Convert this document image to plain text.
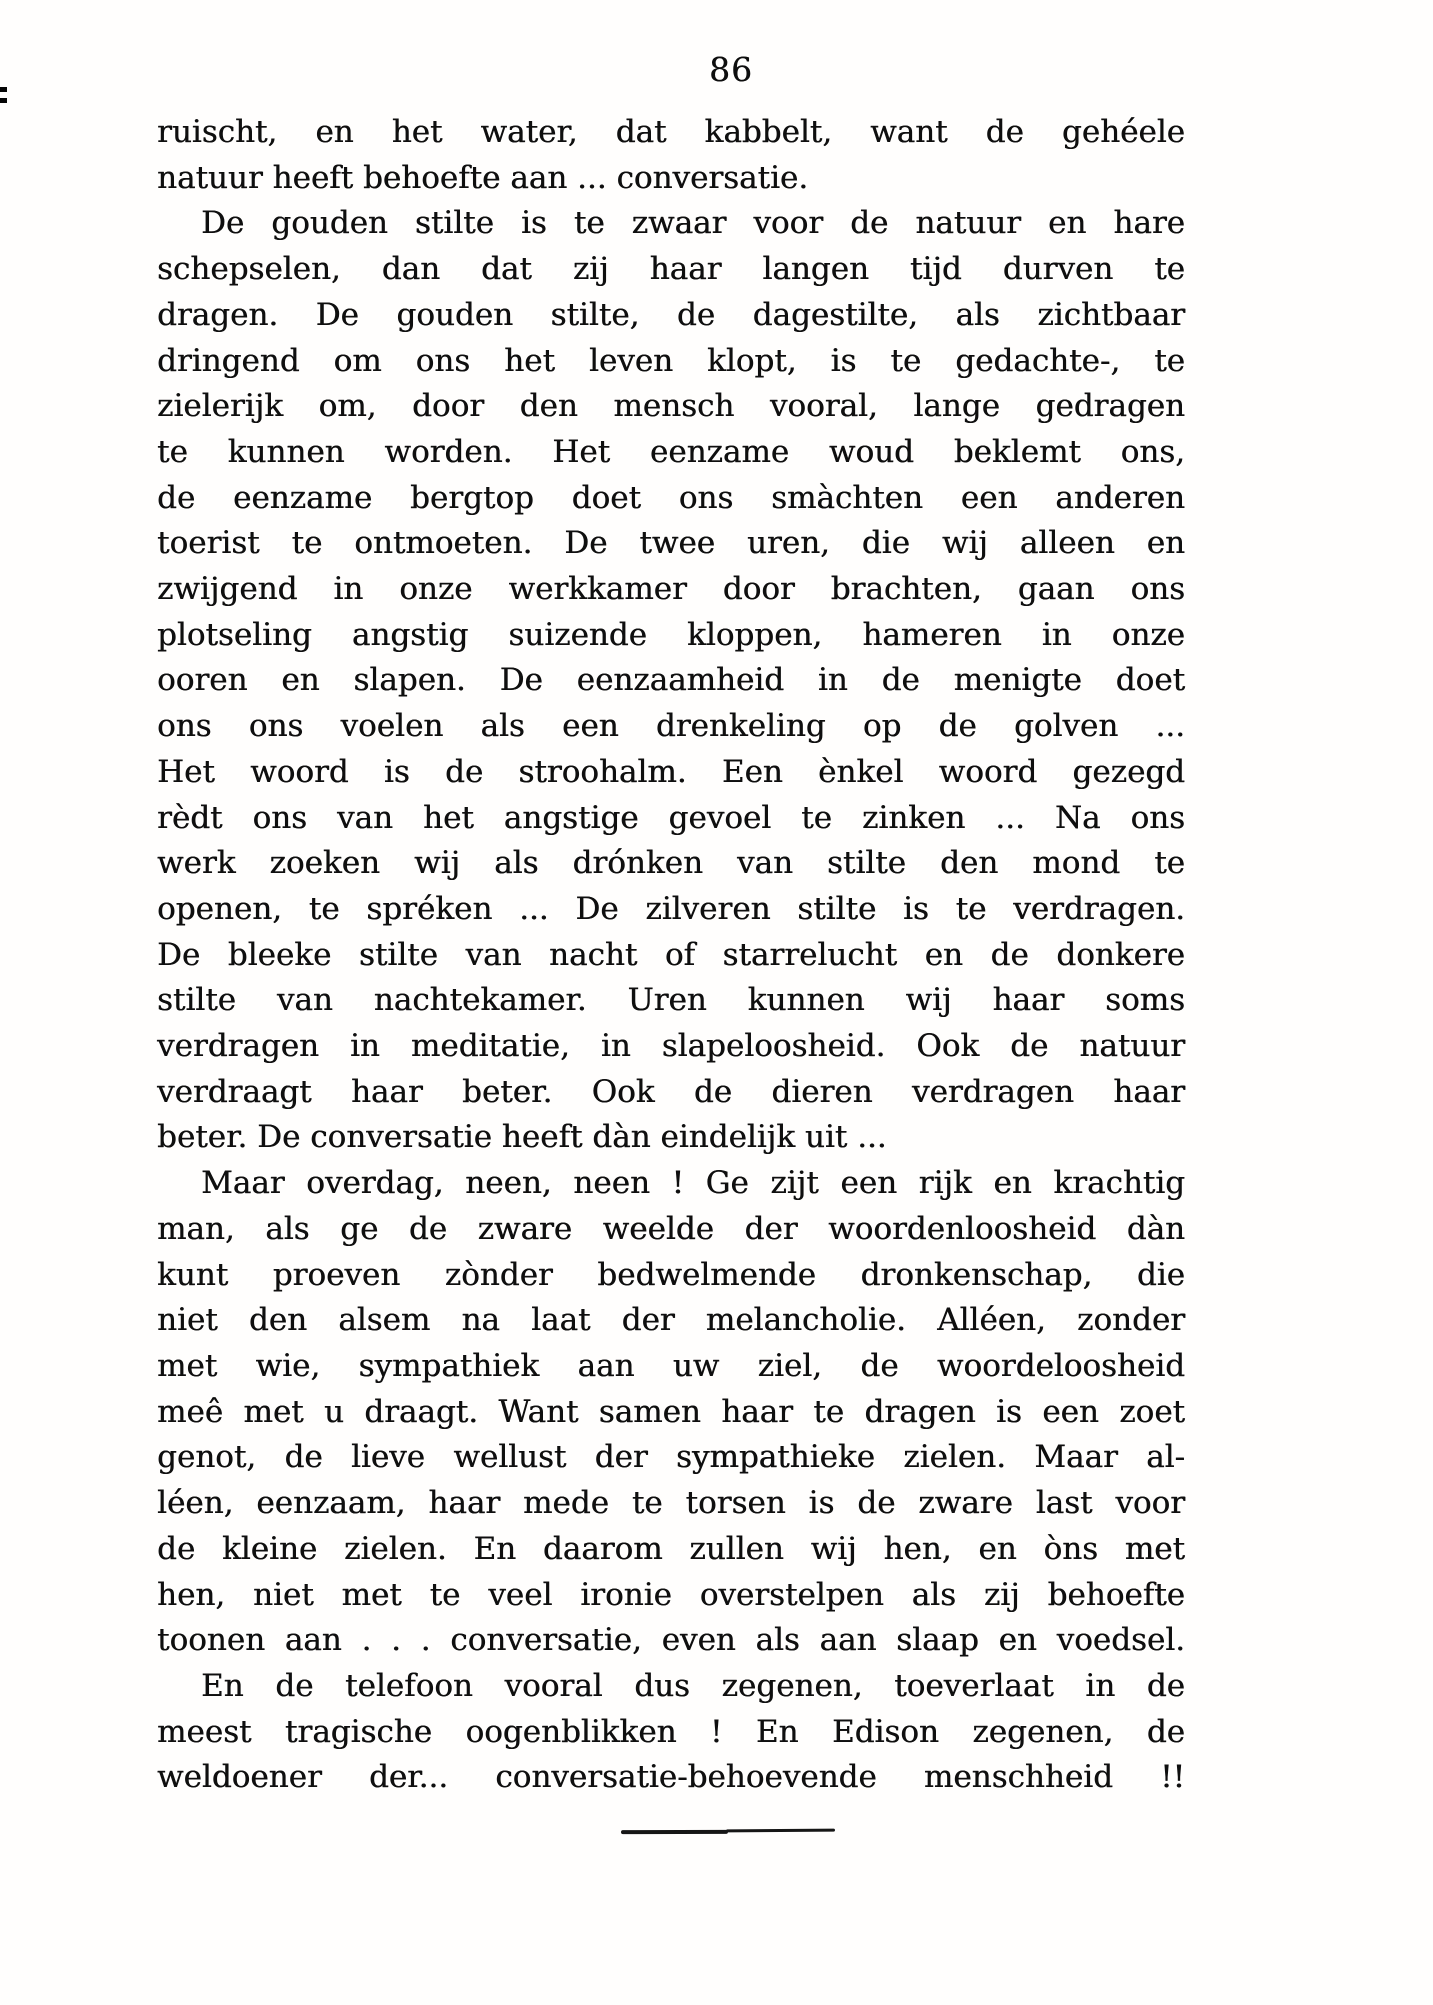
86
ruischt, en het water, dat kabbelt, want de gehéele
natuur heeft behoefte aan ... conversatie.
De gouden stilte is te zwaar voor de natuur en hare
schepselen, dan dat zij haar langen tijd durven te
dragen. De gouden stilte, de dagestilte, als zichtbaar
dringend om ons het leven klopt, is te gedachte-, te
zielerijk om, door den mensch vooral, lange gedragen
te kunnen worden. Het eenzame woud beklemt ons,
de eenzame bergtop doet ons smàchten een anderen
toerist te ontmoeten. De twee uren, die wij alleen en
zwijgend in onze werkkamer door brachten, gaan ons
plotseling angstig suizende kloppen, hameren in onze
ooren en slapen. De eenzaamheid in de menigte doet
ons ons voelen als een drenkeling op de golven ...
Het woord is de stroohalm. Een ènkel woord gezegd
rèdt ons van het angstige gevoel te zinken ... Na ons
werk zoeken wij als drónken van stilte den mond te
openen, te spréken ... De zilveren stilte is te verdragen.
De bleeke stilte van nacht of starrelucht en de donkere
stilte van nachtekamer. Uren kunnen wij haar soms
verdragen in meditatie, in slapeloosheid. Ook de natuur
verdraagt haar beter. Ook de dieren verdragen haar
beter. De conversatie heeft dàn eindelijk uit ...
Maar overdag, neen, neen ! Ge zijt een rijk en krachtig
man, als ge de zware weelde der woordenloosheid dàn
kunt proeven zònder bedwelmende dronkenschap, die
niet den alsem na laat der melancholie. Alléen, zonder
met wie, sympathiek aan uw ziel, de woordeloosheid
meê met u draagt. Want samen haar te dragen is een zoet
genot, de lieve wellust der sympathieke zielen. Maar al-
léen, eenzaam, haar mede te torsen is de zware last voor
de kleine zielen. En daarom zullen wij hen, en òns met
hen, niet met te veel ironie overstelpen als zij behoefte
toonen aan . . . conversatie, even als aan slaap en voedsel.
En de telefoon vooral dus zegenen, toeverlaat in de
meest tragische oogenblikken ! En Edison zegenen, de
weldoener der... conversatie-behoevende menschheid !!
